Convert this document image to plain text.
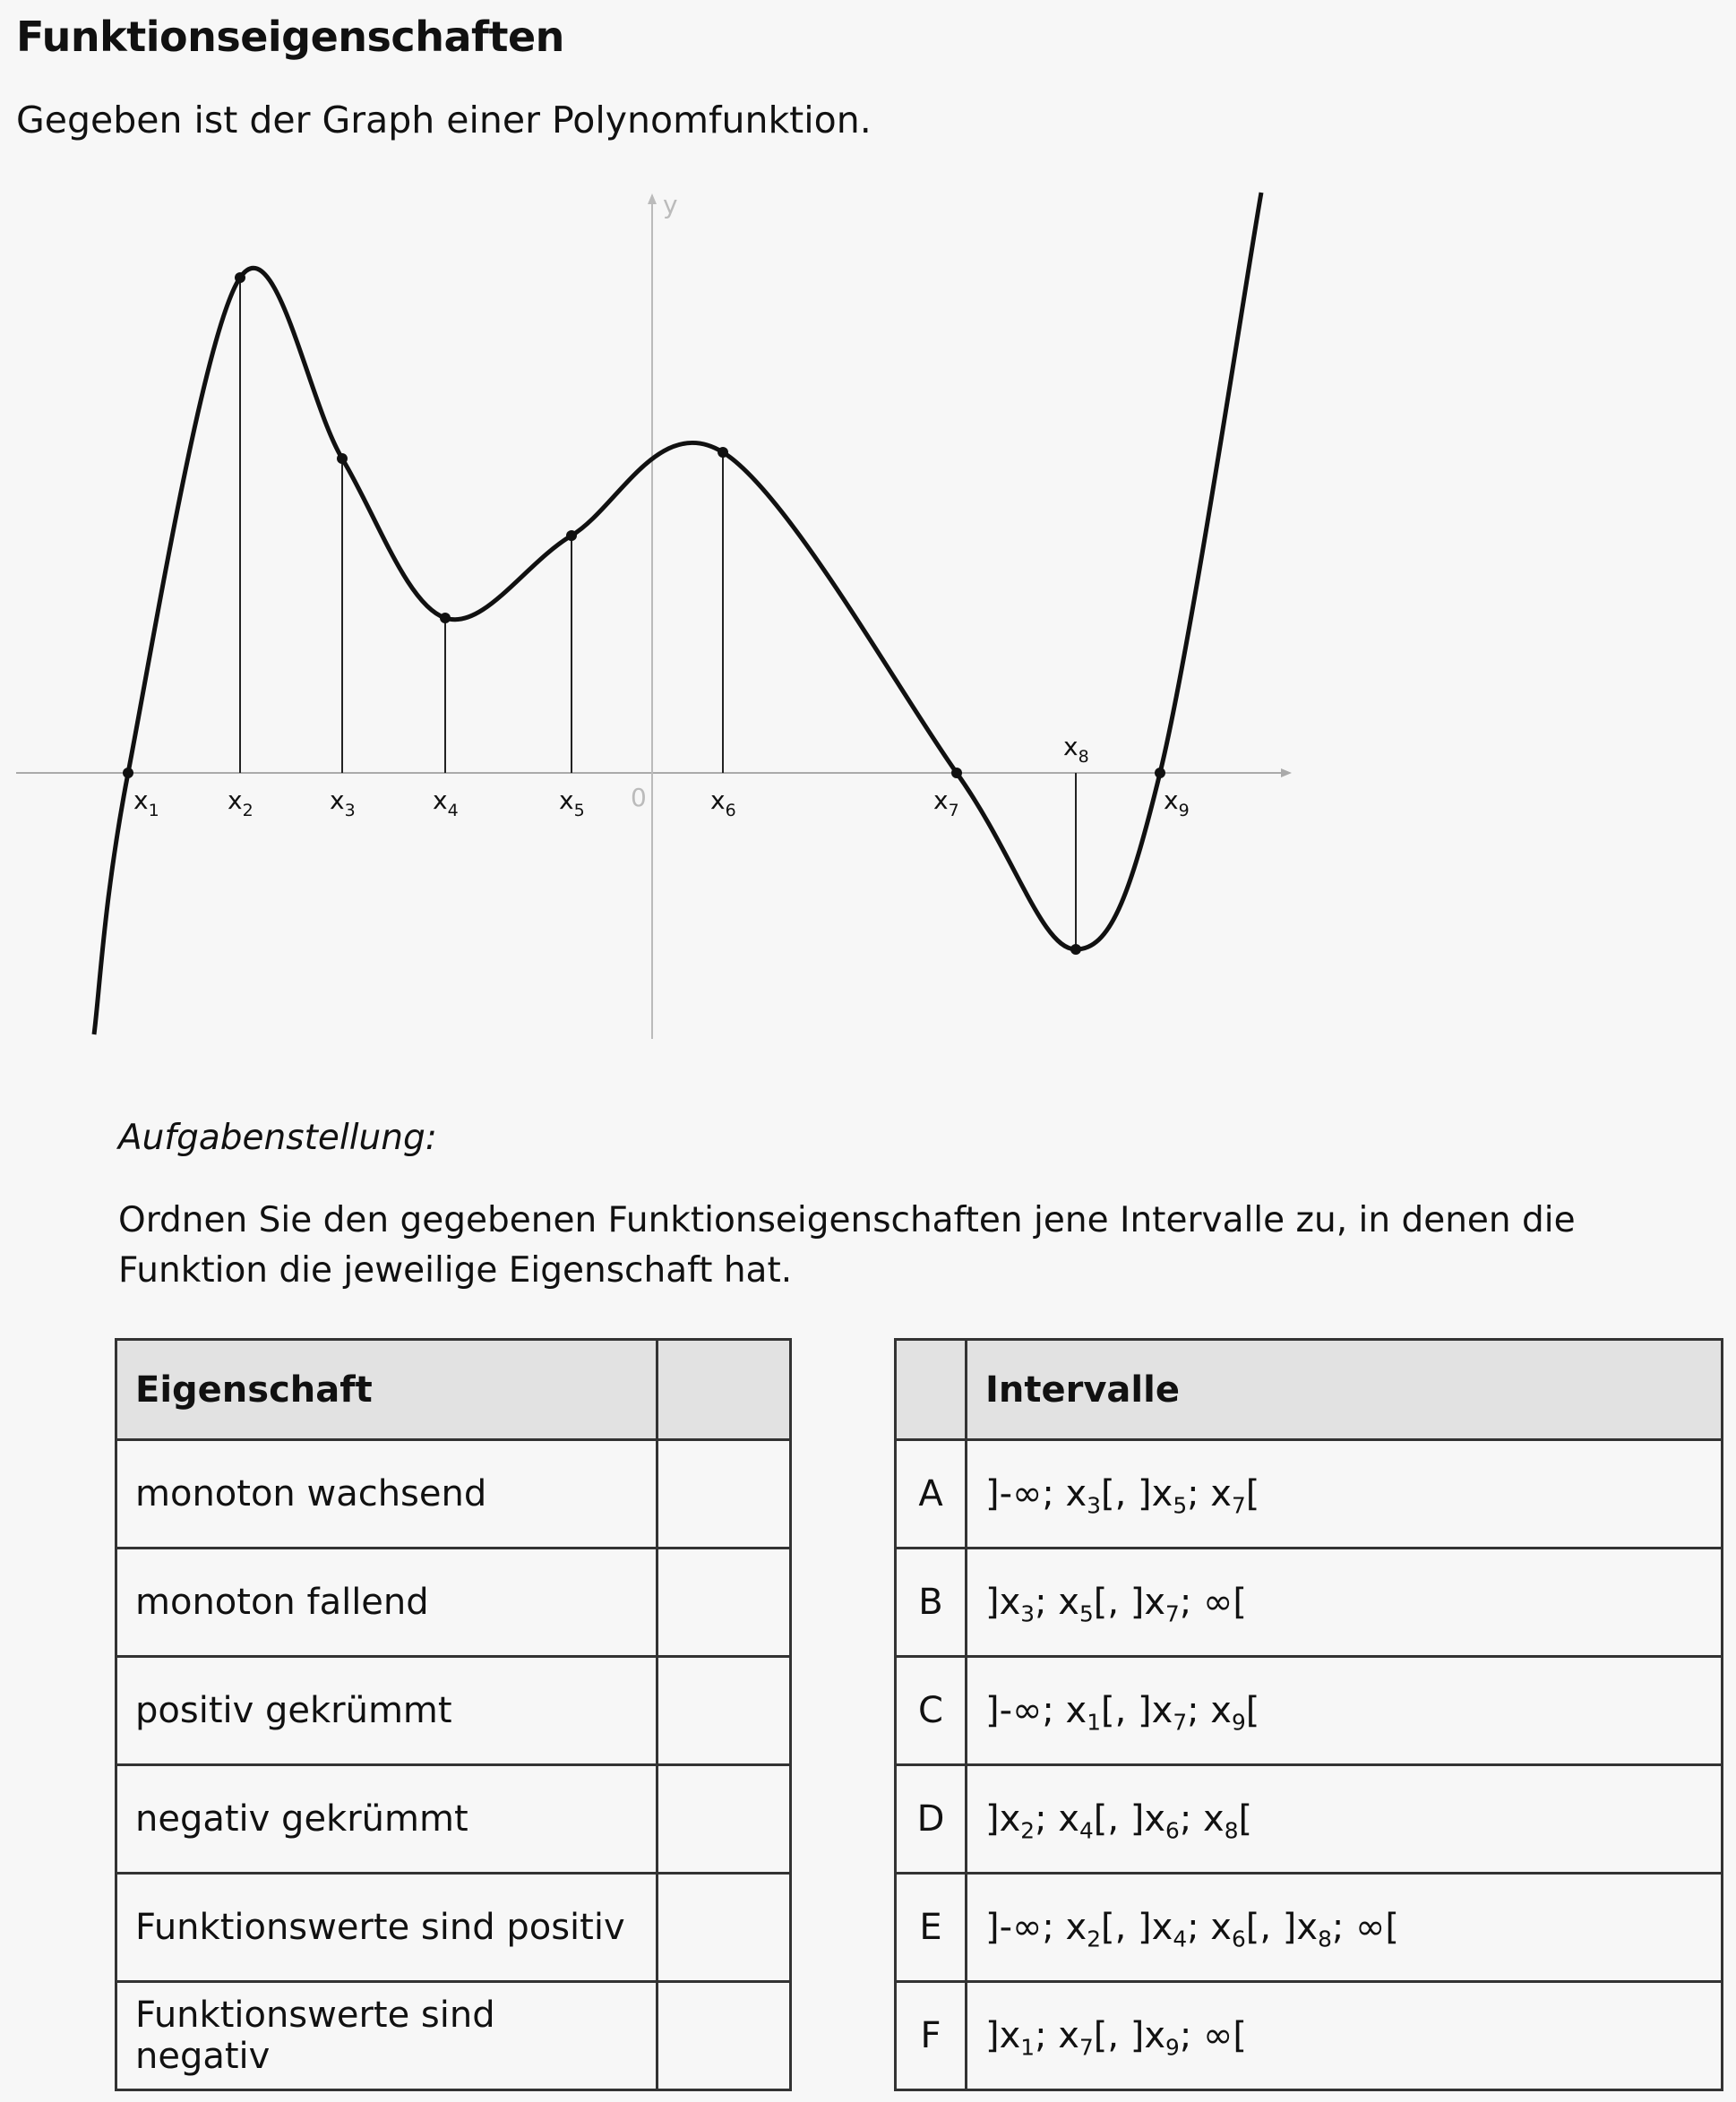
Funktionseigenschaften
Gegeben ist der Graph einer Polynomfunktion.
y
0
$x_1$	$x_2$	$x_3$	$x_4$	$x_5$	$x_6$	$x_7$
$x_8$
$x_9$
Aufgabenstellung:
Ordnen Sie den gegebenen Funktionseigenschaften jene Intervalle zu, in denen die Funktion die jeweilige Eigenschaft hat.
Eigenschaft	
monoton wachsend	
monoton fallend	
positiv gekrümmt	
negativ gekrümmt	
Funktionswerte sind positiv	
Funktionswerte sind negativ	
	Intervalle
A	]-∞; $x_3$[, ]$x_5$; $x_7$[
B	]$x_3$; $x_5$[, ]$x_7$; ∞[
C	]-∞; $x_1$[, ]$x_7$; $x_9$[
D	]$x_2$; $x_4$[, ]$x_6$; $x_8$[
E	]-∞; $x_2$[, ]$x_4$; $x_6$[, ]$x_8$; ∞[
F	]$x_1$; $x_7$[, ]$x_9$; ∞[
